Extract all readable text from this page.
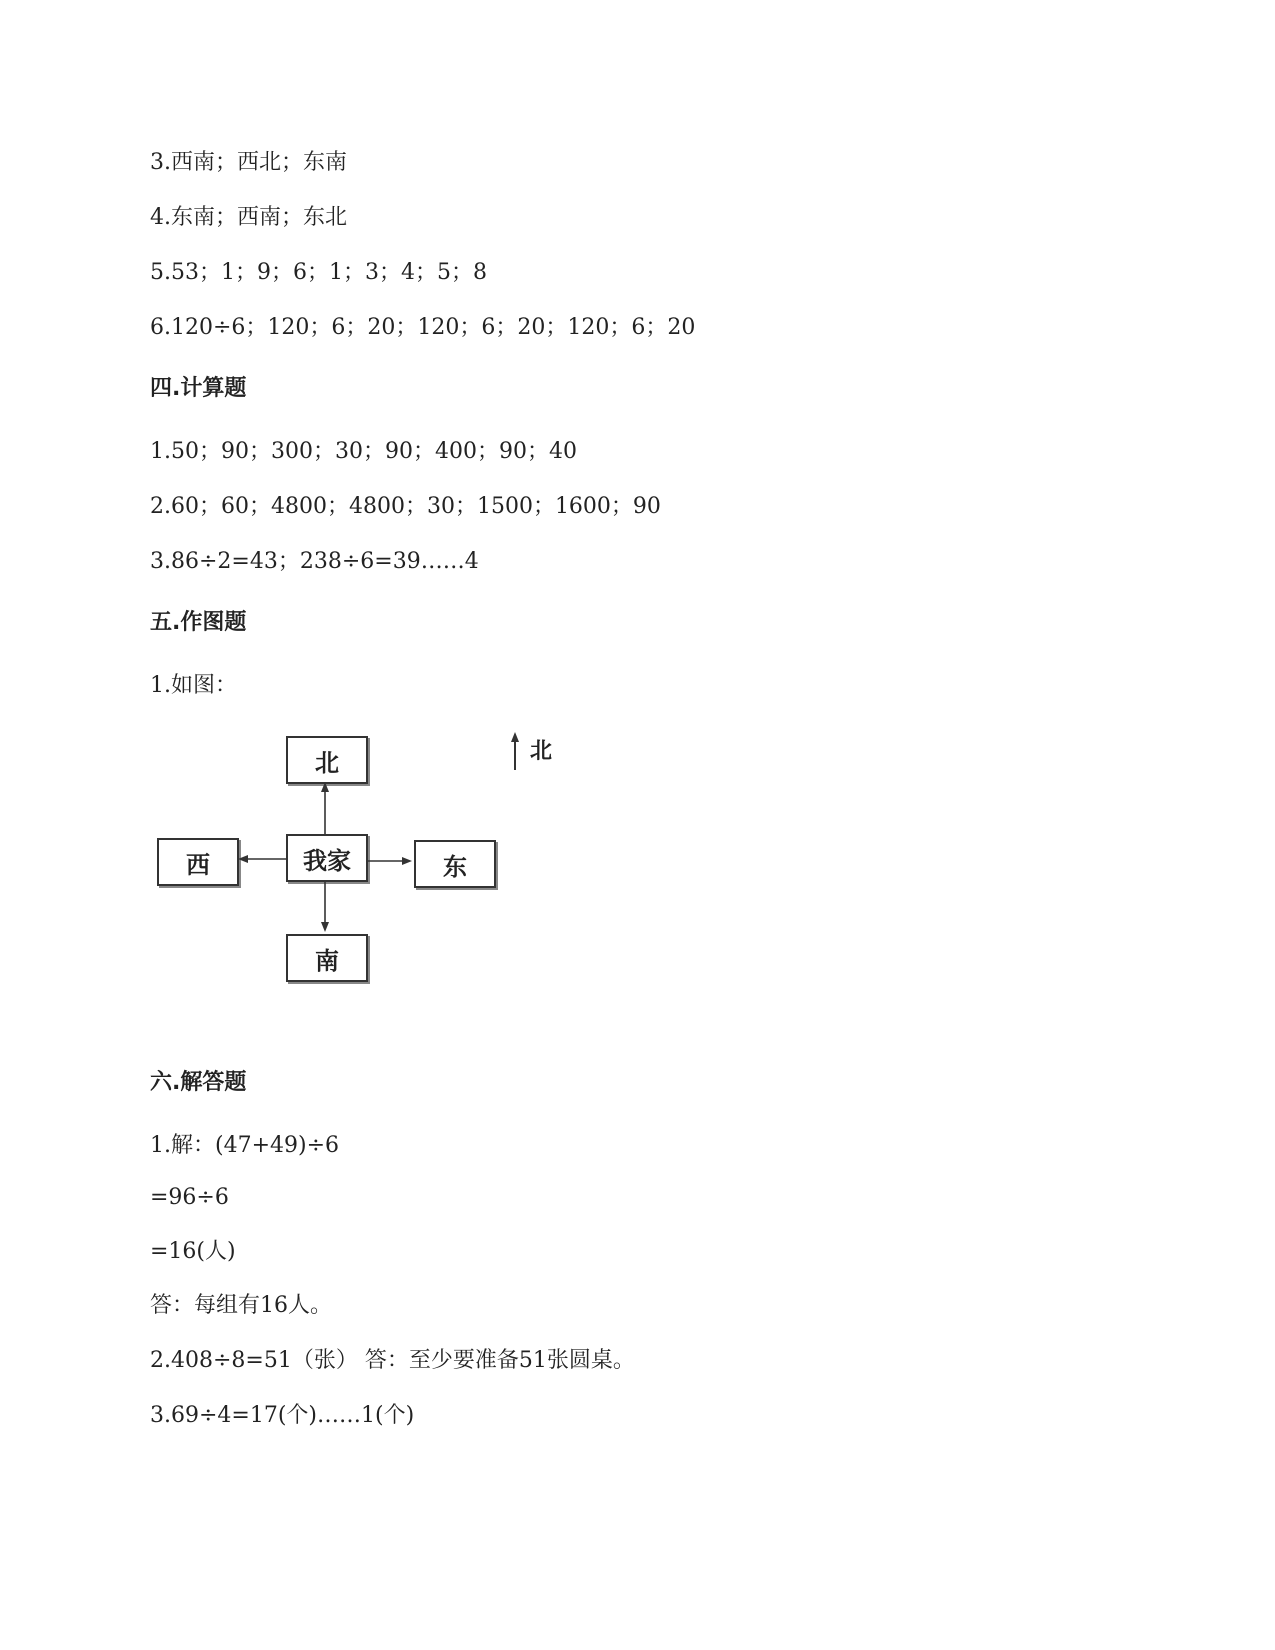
3.西南；西北；东南
4.东南；西南；东北
5.53；1；9；6；1；3；4；5；8
6.120÷6；120；6；20；120；6；20；120；6；20
四.计算题
1.50；90；300；30；90；400；90；40
2.60；60；4800；4800；30；1500；1600；90
3.86÷2=43；238÷6=39……4
五.作图题
1.如图：
北
我家
西	东
南
北
六.解答题
1.解：(47+49)÷6
=96÷6
=16(人)
答：每组有16人。
2.408÷8=51（张） 答：至少要准备51张圆桌。
3.69÷4=17(个)……1(个)
